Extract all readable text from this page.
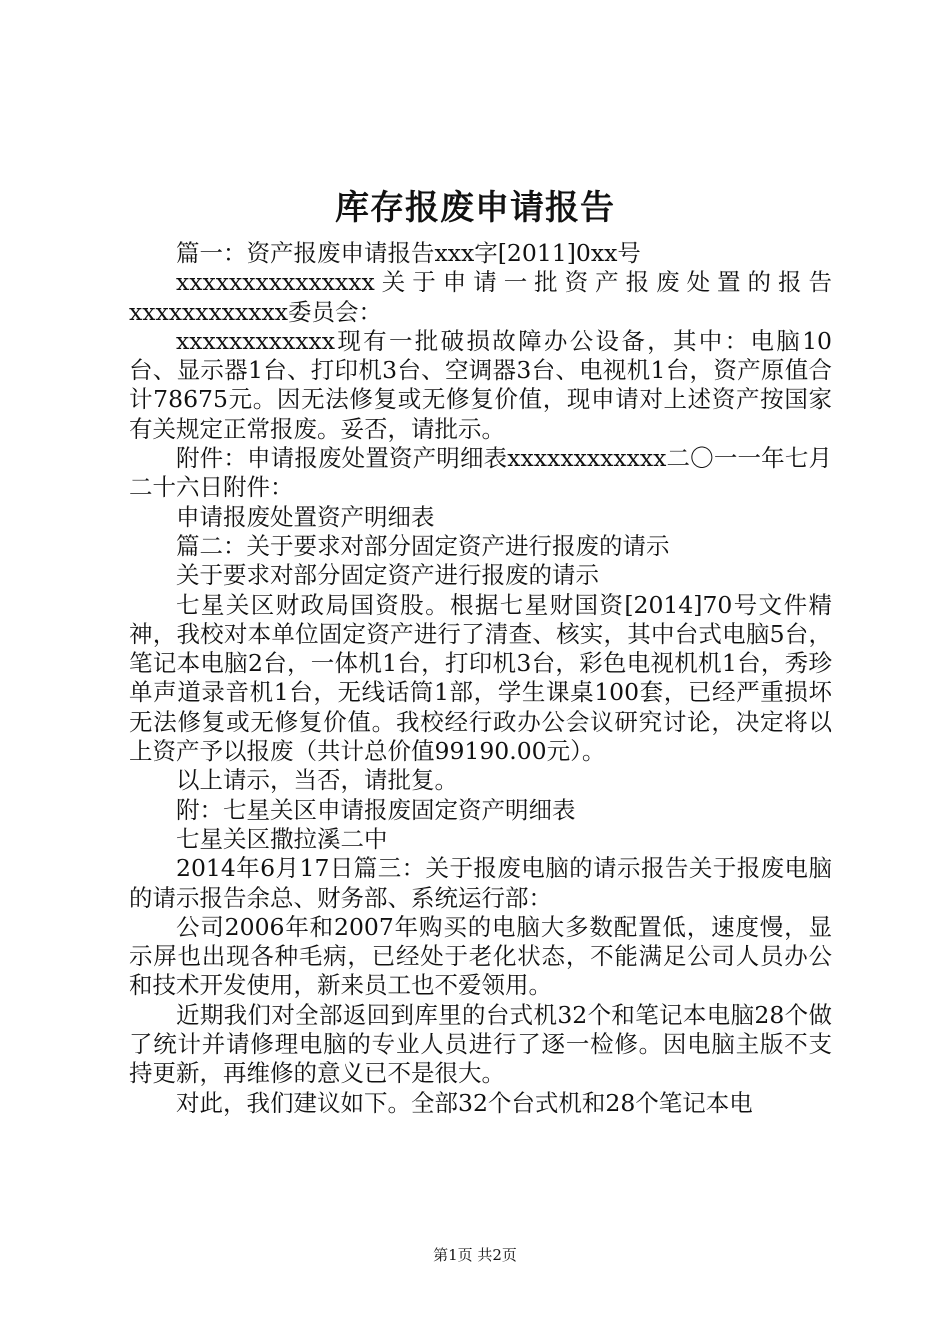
库存报废申请报告

篇一：资产报废申请报告xxx字[2011]0xx号

xxxxxxxxxxxxxxx关于申请一批资产报废处置的报告xxxxxxxxxxxx委员会：

xxxxxxxxxxxx现有一批破损故障办公设备，其中：电脑10台、显示器1台、打印机3台、空调器3台、电视机1台，资产原值合计78675元。因无法修复或无修复价值，现申请对上述资产按国家有关规定正常报废。妥否，请批示。

附件：申请报废处置资产明细表xxxxxxxxxxxx二〇一一年七月二十六日附件：

申请报废处置资产明细表

篇二：关于要求对部分固定资产进行报废的请示

关于要求对部分固定资产进行报废的请示

七星关区财政局国资股。根据七星财国资[2014]70号文件精神，我校对本单位固定资产进行了清查、核实，其中台式电脑5台，笔记本电脑2台，一体机1台，打印机3台，彩色电视机机1台，秀珍单声道录音机1台，无线话筒1部，学生课桌100套，已经严重损坏无法修复或无修复价值。我校经行政办公会议研究讨论，决定将以上资产予以报废（共计总价值99190.00元）。

以上请示，当否，请批复。

附：七星关区申请报废固定资产明细表

七星关区撒拉溪二中

2014年6月17日篇三：关于报废电脑的请示报告关于报废电脑的请示报告余总、财务部、系统运行部：

公司2006年和2007年购买的电脑大多数配置低，速度慢，显示屏也出现各种毛病，已经处于老化状态，不能满足公司人员办公和技术开发使用，新来员工也不爱领用。

近期我们对全部返回到库里的台式机32个和笔记本电脑28个做了统计并请修理电脑的专业人员进行了逐一检修。因电脑主版不支持更新，再维修的意义已不是很大。

对此，我们建议如下。全部32个台式机和28个笔记本电

第1页 共2页
